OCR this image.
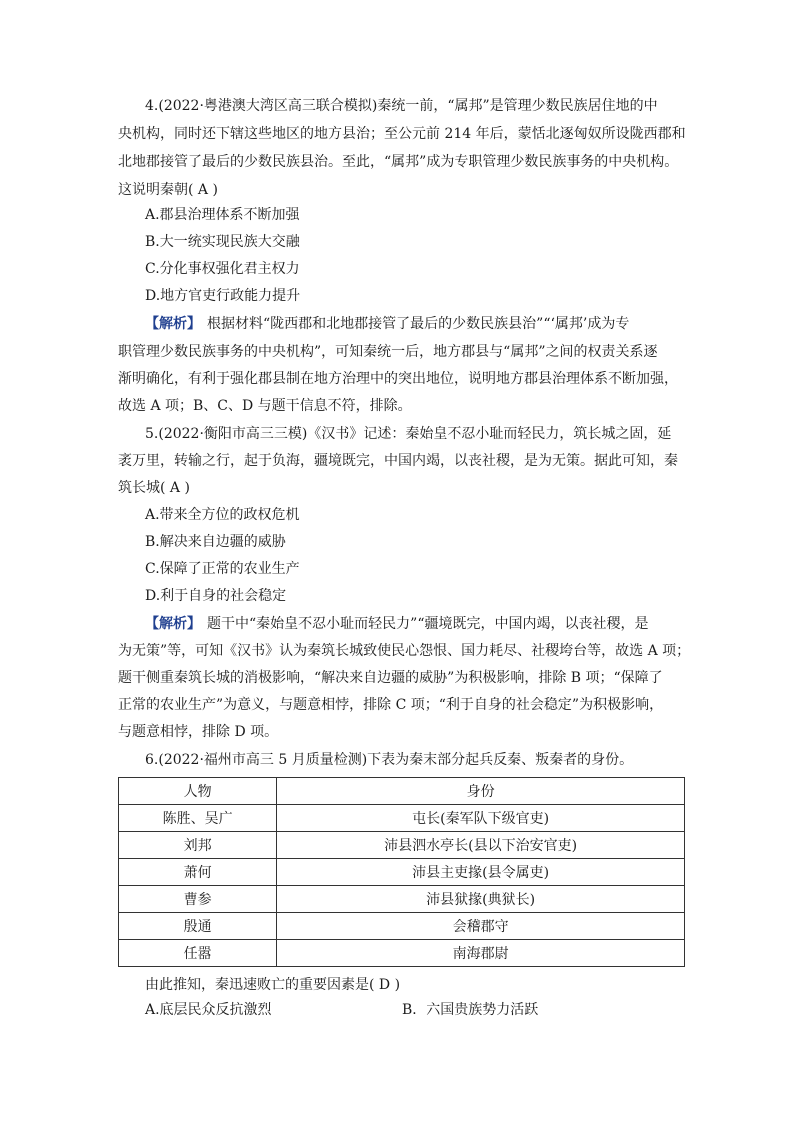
4.(2022·粤港澳大湾区高三联合模拟)秦统一前，“属邦”是管理少数民族居住地的中
央机构，同时还下辖这些地区的地方县治；至公元前 214 年后，蒙恬北逐匈奴所设陇西郡和
北地郡接管了最后的少数民族县治。至此，“属邦”成为专职管理少数民族事务的中央机构。
这说明秦朝( A )
A.郡县治理体系不断加强
B.大一统实现民族大交融
C.分化事权强化君主权力
D.地方官吏行政能力提升
【解析】 根据材料“陇西郡和北地郡接管了最后的少数民族县治”“‘属邦’成为专
职管理少数民族事务的中央机构”，可知秦统一后，地方郡县与“属邦”之间的权责关系逐
渐明确化，有利于强化郡县制在地方治理中的突出地位，说明地方郡县治理体系不断加强，
故选 A 项；B、C、D 与题干信息不符，排除。
5.(2022·衡阳市高三三模)《汉书》记述：秦始皇不忍小耻而轻民力，筑长城之固，延
袤万里，转输之行，起于负海，疆境既完，中国内竭，以丧社稷，是为无策。据此可知，秦
筑长城( A )
A.带来全方位的政权危机
B.解决来自边疆的威胁
C.保障了正常的农业生产
D.利于自身的社会稳定
【解析】 题干中“秦始皇不忍小耻而轻民力”“疆境既完，中国内竭，以丧社稷，是
为无策”等，可知《汉书》认为秦筑长城致使民心怨恨、国力耗尽、社稷垮台等，故选 A 项；
题干侧重秦筑长城的消极影响，“解决来自边疆的威胁”为积极影响，排除 B 项；“保障了
正常的农业生产”为意义，与题意相悖，排除 C 项；“利于自身的社会稳定”为积极影响，
与题意相悖，排除 D 项。
6.(2022·福州市高三 5 月质量检测)下表为秦末部分起兵反秦、叛秦者的身份。
人物	身份
陈胜、吴广	屯长(秦军队下级官吏)
刘邦	沛县泗水亭长(县以下治安官吏)
萧何	沛县主吏掾(县令属吏)
曹参	沛县狱掾(典狱长)
殷通	会稽郡守
任嚣	南海郡尉
由此推知，秦迅速败亡的重要因素是( D )
A.底层民众反抗激烈	B．六国贵族势力活跃
